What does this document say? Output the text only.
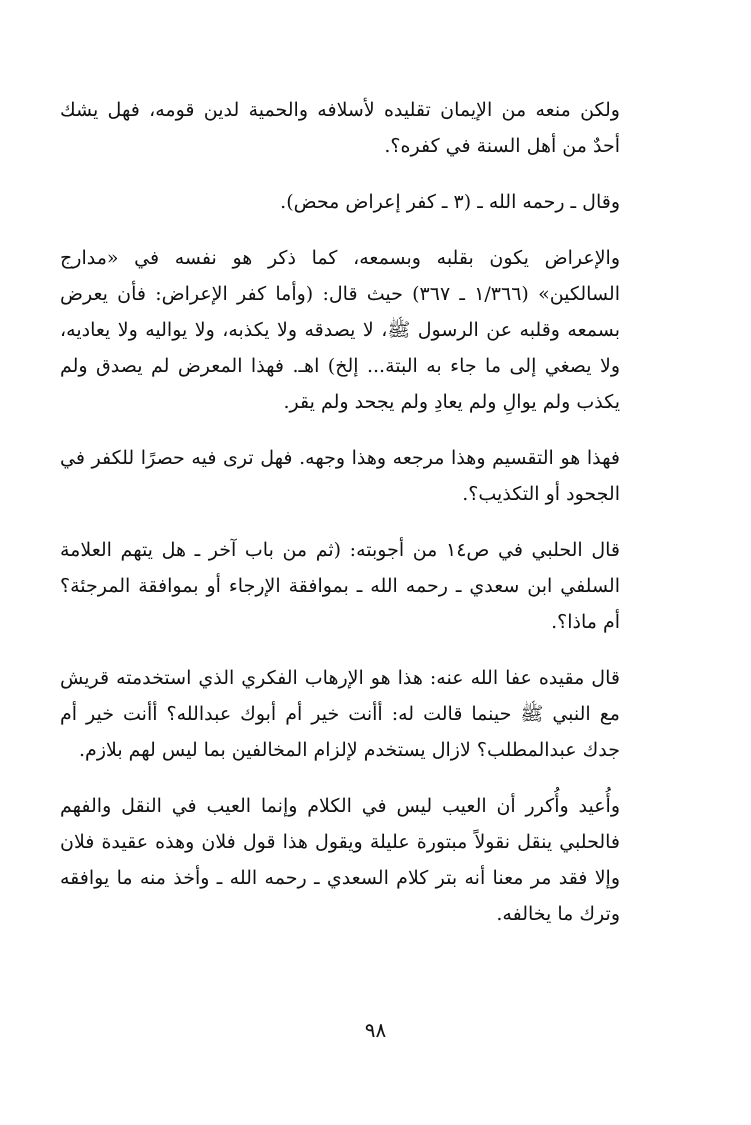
ولكن منعه من الإيمان تقليده لأسلافه والحمية لدين قومه، فهل يشك أحدٌ من أهل السنة في كفره؟.

وقال ـ رحمه الله ـ (٣ ـ كفر إعراض محض).

والإعراض يكون بقلبه وبسمعه، كما ذكر هو نفسه في «مدارج السالكين» (١/٣٦٦ ـ ٣٦٧) حيث قال: (وأما كفر الإعراض: فأن يعرض بسمعه وقلبه عن الرسول ﷺ، لا يصدقه ولا يكذبه، ولا يواليه ولا يعاديه، ولا يصغي إلى ما جاء به البتة... إلخ) اهـ. فهذا المعرض لم يصدق ولم يكذب ولم يوالِ ولم يعادِ ولم يجحد ولم يقر.

فهذا هو التقسيم وهذا مرجعه وهذا وجهه. فهل ترى فيه حصرًا للكفر في الجحود أو التكذيب؟.

قال الحلبي في ص١٤ من أجوبته: (ثم من باب آخر ـ هل يتهم العلامة السلفي ابن سعدي ـ رحمه الله ـ بموافقة الإرجاء أو بموافقة المرجئة؟ أم ماذا؟.

قال مقيده عفا الله عنه: هذا هو الإرهاب الفكري الذي استخدمته قريش مع النبي ﷺ حينما قالت له: أأنت خير أم أبوك عبدالله؟ أأنت خير أم جدك عبدالمطلب؟ لازال يستخدم لإلزام المخالفين بما ليس لهم بلازم.

وأُعيد وأُكرر أن العيب ليس في الكلام وإنما العيب في النقل والفهم فالحلبي ينقل نقولاً مبتورة عليلة ويقول هذا قول فلان وهذه عقيدة فلان وإلا فقد مر معنا أنه بتر كلام السعدي ـ رحمه الله ـ وأخذ منه ما يوافقه وترك ما يخالفه.

٩٨
